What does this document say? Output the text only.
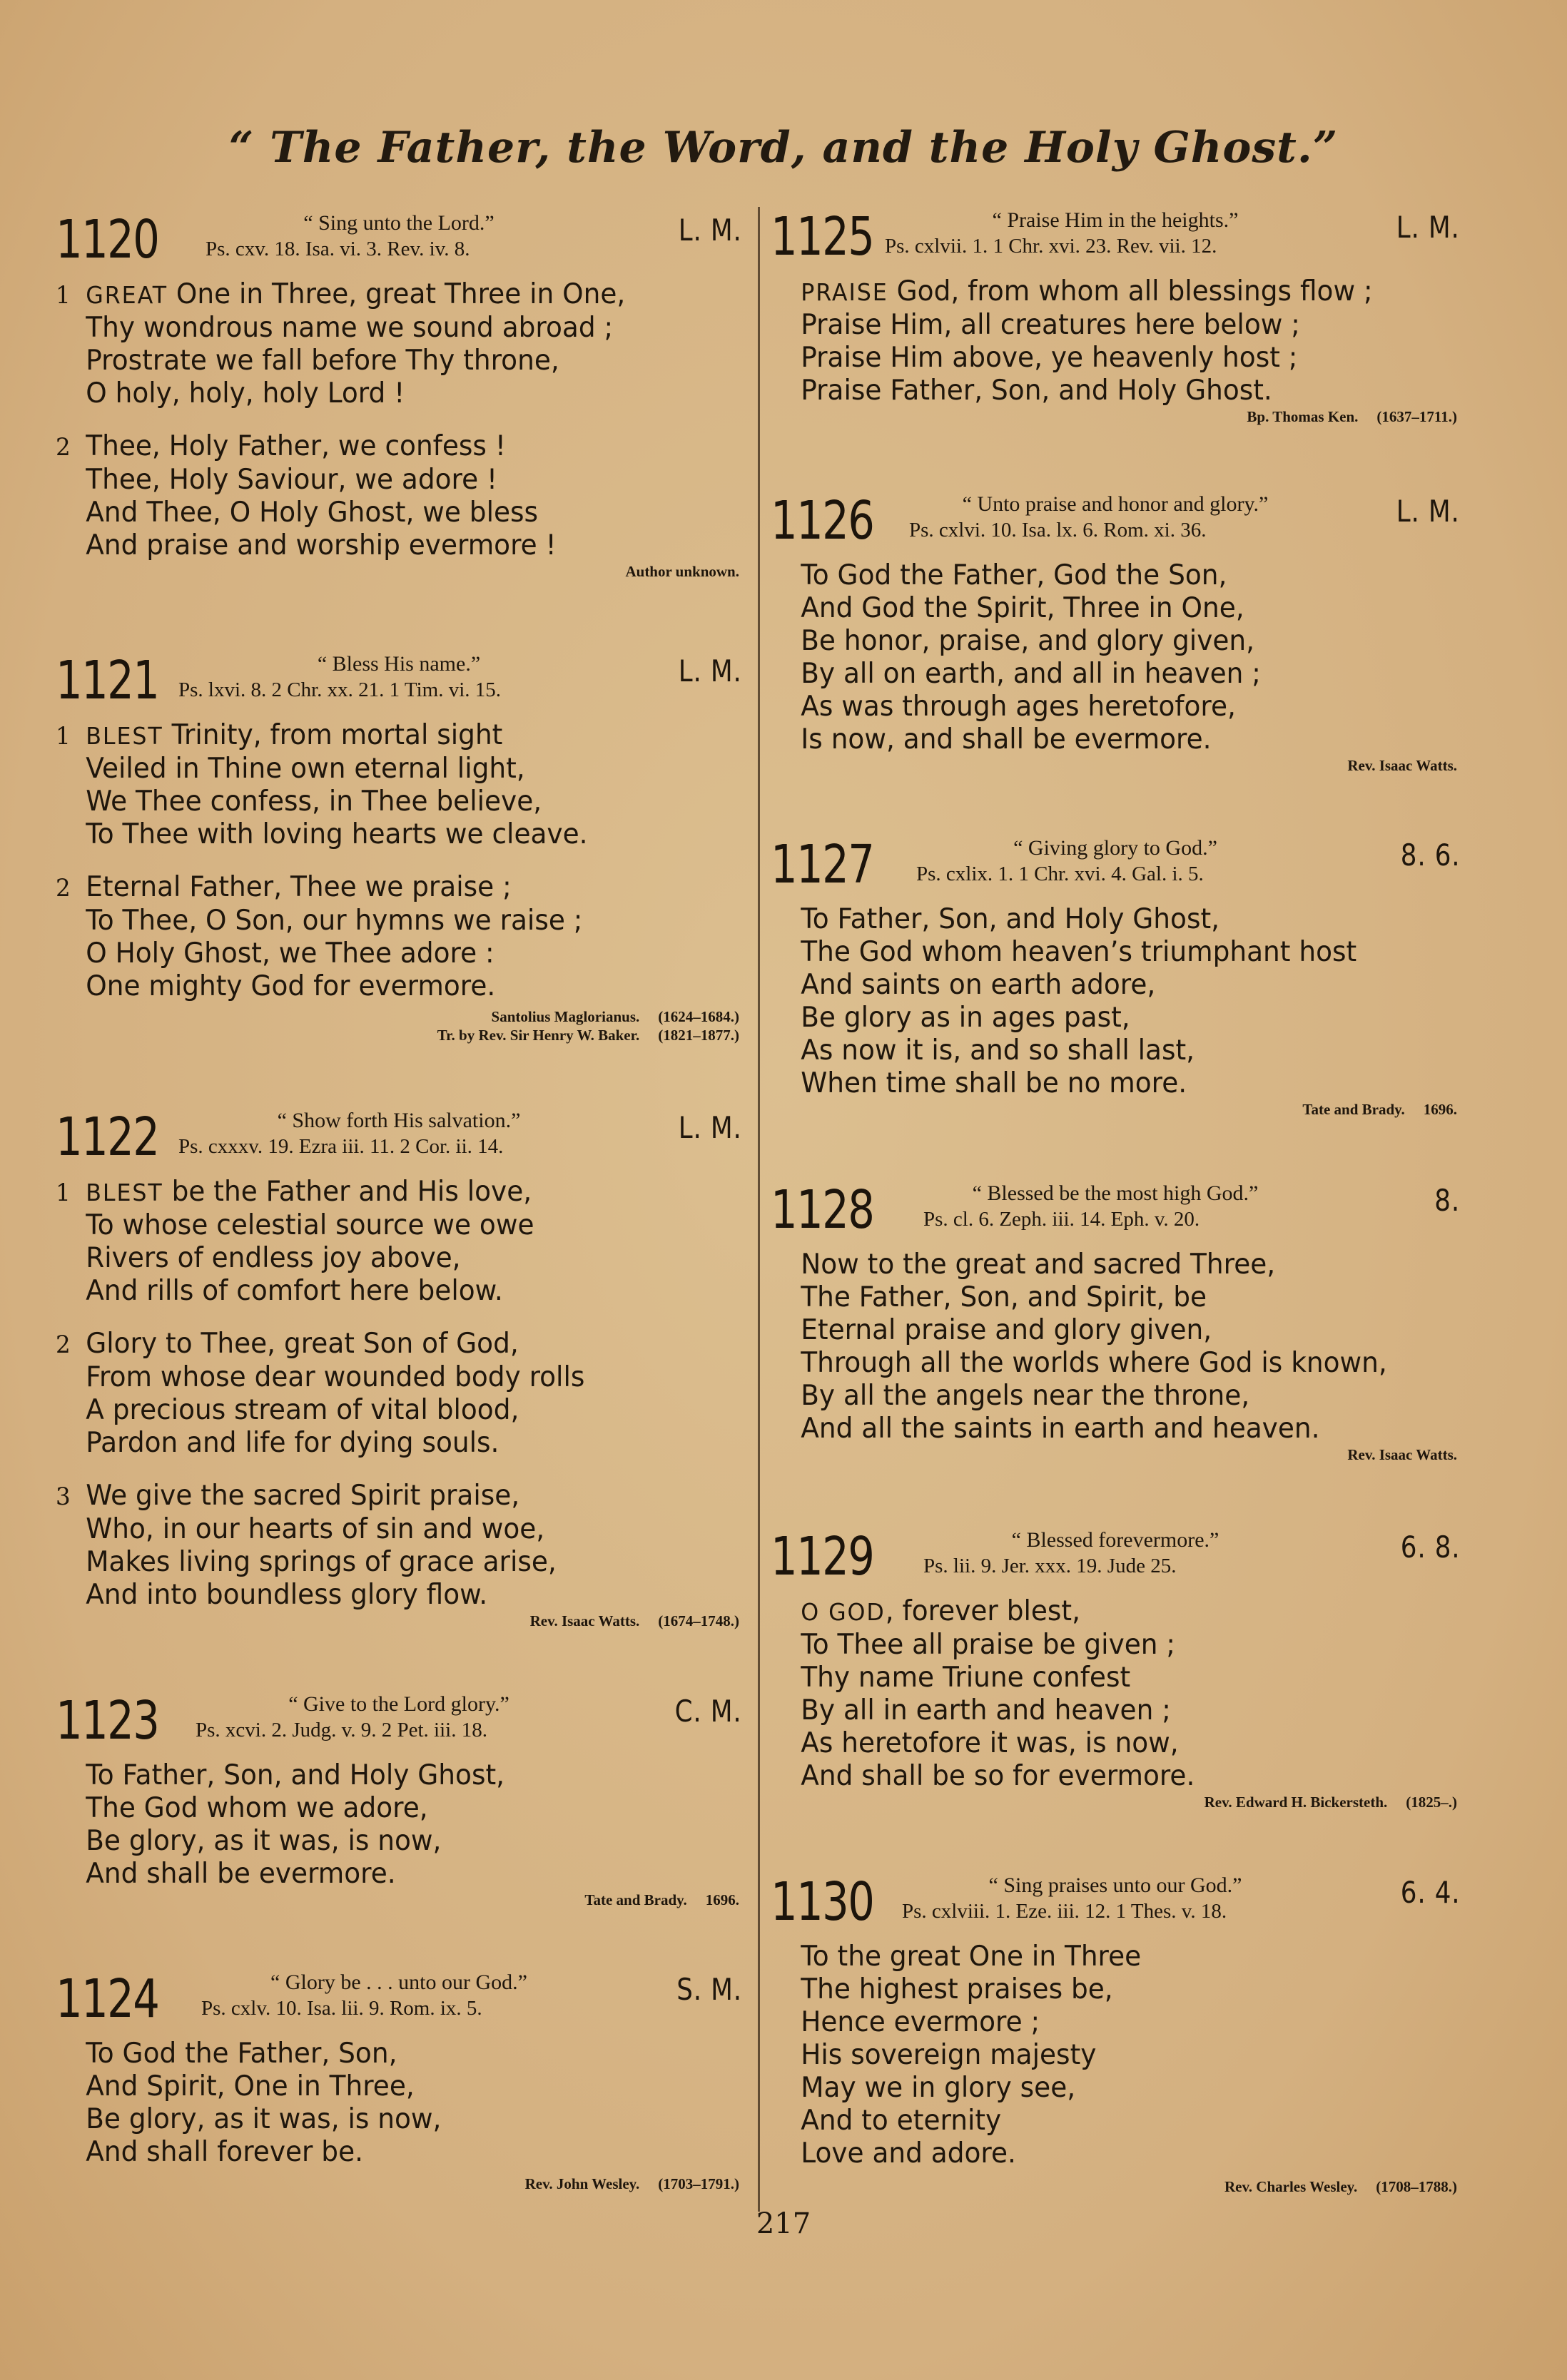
“ The Father, the Word, and the Holy Ghost.”
1120	“ Sing unto the Lord.”
Ps. cxv. 18. Isa. vi. 3. Rev. iv. 8.
L. M.
1 GREAT One in Three, great Three in One,
Thy wondrous name we sound abroad ;
Prostrate we fall before Thy throne,
O holy, holy, holy Lord !
2 Thee, Holy Father, we confess !
Thee, Holy Saviour, we adore !
And Thee, O Holy Ghost, we bless
And praise and worship evermore !
Author unknown.
1121	“ Bless His name.”
Ps. lxvi. 8. 2 Chr. xx. 21. 1 Tim. vi. 15.
L. M.
1 BLEST Trinity, from mortal sight
Veiled in Thine own eternal light,
We Thee confess, in Thee believe,
To Thee with loving hearts we cleave.
2 Eternal Father, Thee we praise ;
To Thee, O Son, our hymns we raise ;
O Holy Ghost, we Thee adore :
One mighty God for evermore.
Santolius Maglorianus. (1624–1684.)
Tr. by Rev. Sir Henry W. Baker. (1821–1877.)
1122	“ Show forth His salvation.”
Ps. cxxxv. 19. Ezra iii. 11. 2 Cor. ii. 14.
L. M.
1 BLEST be the Father and His love,
To whose celestial source we owe
Rivers of endless joy above,
And rills of comfort here below.
2 Glory to Thee, great Son of God,
From whose dear wounded body rolls
A precious stream of vital blood,
Pardon and life for dying souls.
3 We give the sacred Spirit praise,
Who, in our hearts of sin and woe,
Makes living springs of grace arise,
And into boundless glory flow.
Rev. Isaac Watts. (1674–1748.)
1123	“ Give to the Lord glory.”
Ps. xcvi. 2. Judg. v. 9. 2 Pet. iii. 18.
C. M.
To Father, Son, and Holy Ghost,
The God whom we adore,
Be glory, as it was, is now,
And shall be evermore.
Tate and Brady. 1696.
1124	“ Glory be . . . unto our God.”
Ps. cxlv. 10. Isa. lii. 9. Rom. ix. 5.
S. M.
To God the Father, Son,
And Spirit, One in Three,
Be glory, as it was, is now,
And shall forever be.
Rev. John Wesley. (1703–1791.)
1125	“ Praise Him in the heights.”
Ps. cxlvii. 1. 1 Chr. xvi. 23. Rev. vii. 12.
L. M.
PRAISE God, from whom all blessings flow ;
Praise Him, all creatures here below ;
Praise Him above, ye heavenly host ;
Praise Father, Son, and Holy Ghost.
Bp. Thomas Ken. (1637–1711.)
1126	“ Unto praise and honor and glory.”
Ps. cxlvi. 10. Isa. lx. 6. Rom. xi. 36.
L. M.
To God the Father, God the Son,
And God the Spirit, Three in One,
Be honor, praise, and glory given,
By all on earth, and all in heaven ;
As was through ages heretofore,
Is now, and shall be evermore.
Rev. Isaac Watts.
1127	“ Giving glory to God.”
Ps. cxlix. 1. 1 Chr. xvi. 4. Gal. i. 5.
8. 6.
To Father, Son, and Holy Ghost,
The God whom heaven’s triumphant host
And saints on earth adore,
Be glory as in ages past,
As now it is, and so shall last,
When time shall be no more.
Tate and Brady. 1696.
1128	“ Blessed be the most high God.”
Ps. cl. 6. Zeph. iii. 14. Eph. v. 20.
8.
Now to the great and sacred Three,
The Father, Son, and Spirit, be
Eternal praise and glory given,
Through all the worlds where God is known,
By all the angels near the throne,
And all the saints in earth and heaven.
Rev. Isaac Watts.
1129	“ Blessed forevermore.”
Ps. lii. 9. Jer. xxx. 19. Jude 25.
6. 8.
O GOD, forever blest,
To Thee all praise be given ;
Thy name Triune confest
By all in earth and heaven ;
As heretofore it was, is now,
And shall be so for evermore.
Rev. Edward H. Bickersteth. (1825–.)
1130	“ Sing praises unto our God.”
Ps. cxlviii. 1. Eze. iii. 12. 1 Thes. v. 18.
6. 4.
To the great One in Three
The highest praises be,
Hence evermore ;
His sovereign majesty
May we in glory see,
And to eternity
Love and adore.
Rev. Charles Wesley. (1708–1788.)
217
